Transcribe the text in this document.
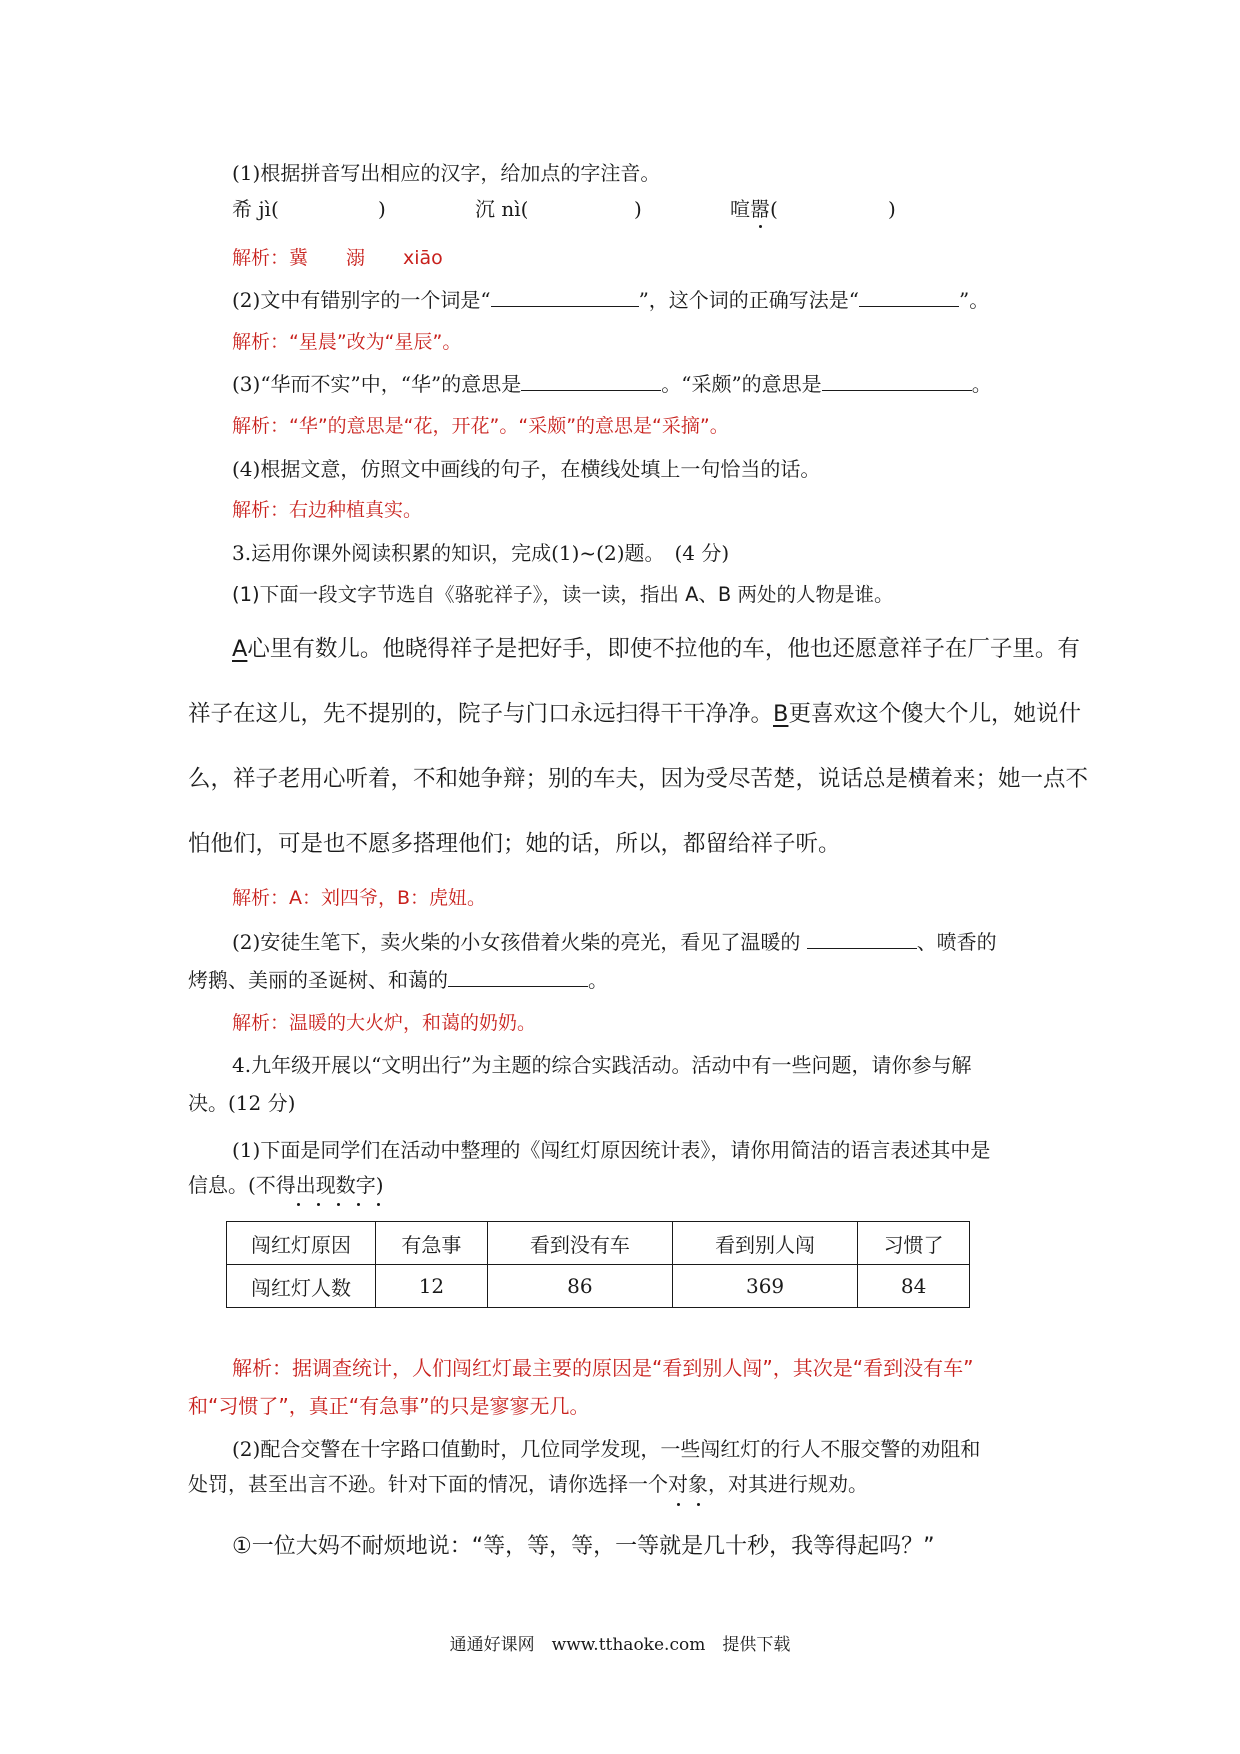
(1)根据拼音写出相应的汉字，给加点的字注音。
希 jì(	)	沉 nì(	)	喧嚣(	)
解析：冀　　溺　　xiāo
(2)文中有错别字的一个词是“	”，这个词的正确写法是“	”。
解析：“星晨”改为“星辰”。
(3)“华而不实”中，“华”的意思是	。“采颇”的意思是	。
解析：“华”的意思是“花，开花”。“采颇”的意思是“采摘”。
(4)根据文意，仿照文中画线的句子，在横线处填上一句恰当的话。
解析：右边种植真实。
3.运用你课外阅读积累的知识，完成(1)~(2)题。　(4 分)
(1)下面一段文字节选自《骆驼祥子》，读一读，指出 A、B 两处的人物是谁。
A心里有数儿。他晓得祥子是把好手，即使不拉他的车，他也还愿意祥子在厂子里。有
祥子在这儿，先不提别的，院子与门口永远扫得干干净净。B更喜欢这个傻大个儿，她说什
么，祥子老用心听着，不和她争辩；别的车夫，因为受尽苦楚，说话总是横着来；她一点不
怕他们，可是也不愿多搭理他们；她的话，所以，都留给祥子听。
解析：A：刘四爷，B：虎妞。
(2)安徒生笔下，卖火柴的小女孩借着火柴的亮光，看见了温暖的	、喷香的
烤鹅、美丽的圣诞树、和蔼的	。
解析：温暖的大火炉，和蔼的奶奶。
4.九年级开展以“文明出行”为主题的综合实践活动。活动中有一些问题，请你参与解
决。(12 分)
(1)下面是同学们在活动中整理的《闯红灯原因统计表》，请你用简洁的语言表述其中是
信息。(不得出现数字)
闯红灯原因	有急事	看到没有车	看到别人闯	习惯了
闯红灯人数	12	86	369	84
解析：据调查统计，人们闯红灯最主要的原因是“看到别人闯”，其次是“看到没有车”
和“习惯了”，真正“有急事”的只是寥寥无几。
(2)配合交警在十字路口值勤时，几位同学发现，一些闯红灯的行人不服交警的劝阻和
处罚，甚至出言不逊。针对下面的情况，请你选择一个对象，对其进行规劝。
①一位大妈不耐烦地说：“等，等，等，一等就是几十秒，我等得起吗？”
通通好课网　www.tthaoke.com　提供下载
